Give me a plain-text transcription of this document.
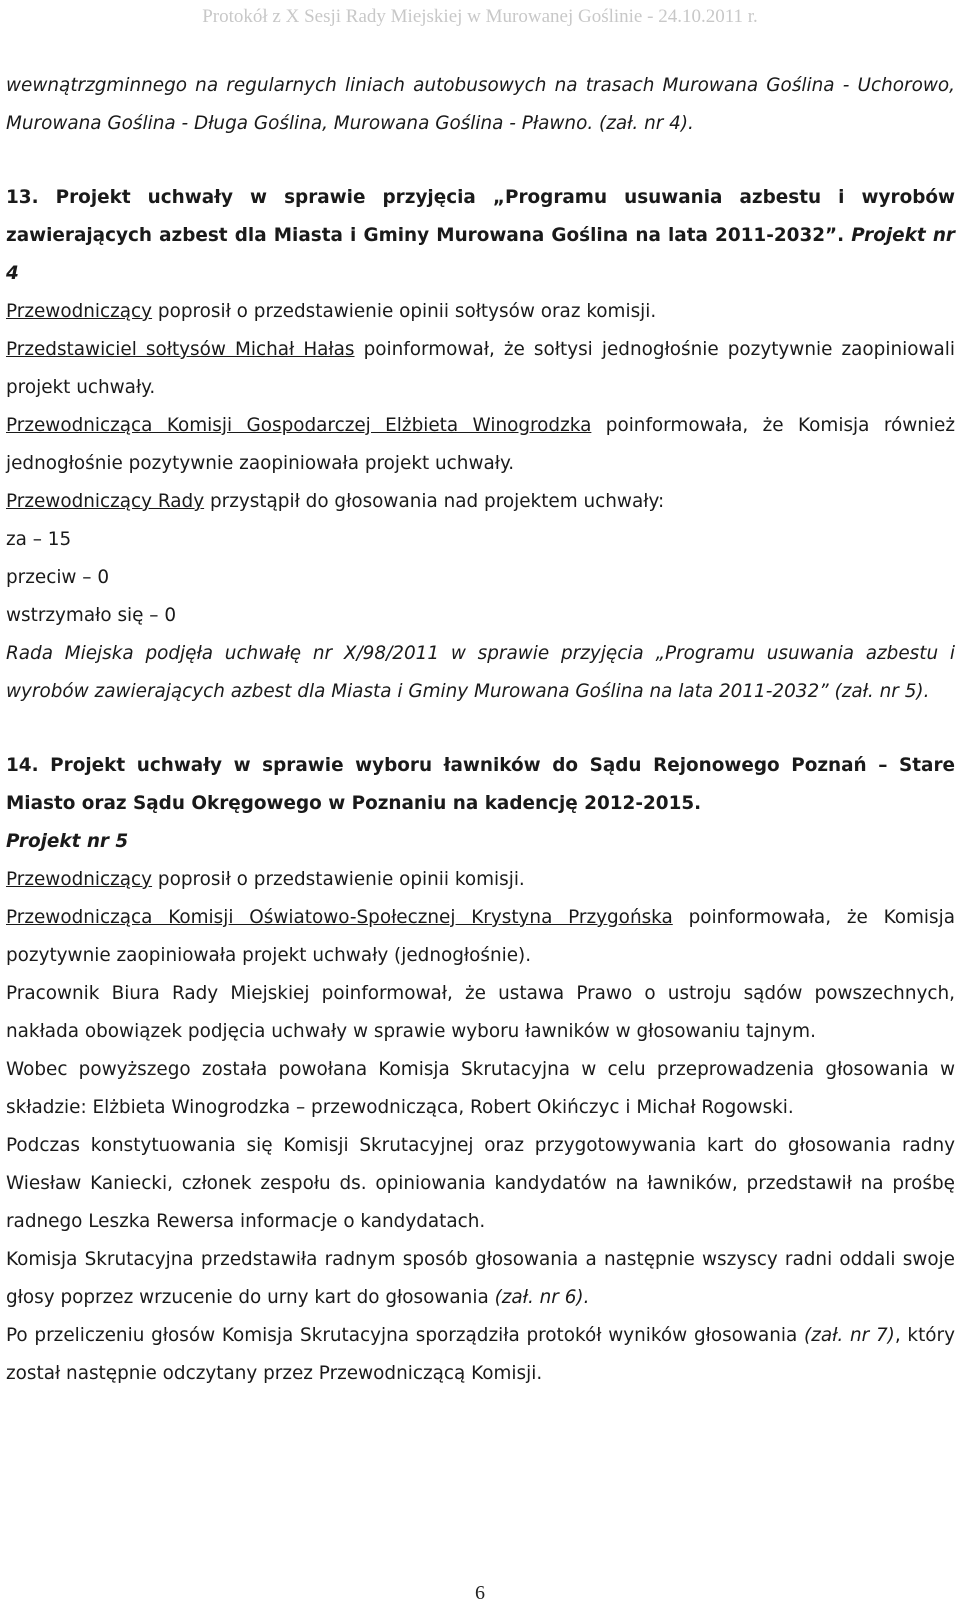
Protokół z X Sesji Rady Miejskiej w Murowanej Goślinie - 24.10.2011 r.

wewnątrzgminnego na regularnych liniach autobusowych na trasach Murowana Goślina - Uchorowo, Murowana Goślina - Długa Goślina, Murowana Goślina - Pławno. (zał. nr 4).

13. Projekt uchwały w sprawie przyjęcia „Programu usuwania azbestu i wyrobów zawierających azbest dla Miasta i Gminy Murowana Goślina na lata 2011-2032”. Projekt nr 4

Przewodniczący poprosił o przedstawienie opinii sołtysów oraz komisji.

Przedstawiciel sołtysów Michał Hałas poinformował, że sołtysi jednogłośnie pozytywnie zaopiniowali projekt uchwały.

Przewodnicząca Komisji Gospodarczej Elżbieta Winogrodzka poinformowała, że Komisja również jednogłośnie pozytywnie zaopiniowała projekt uchwały.

Przewodniczący Rady przystąpił do głosowania nad projektem uchwały:

za – 15

przeciw – 0

wstrzymało się – 0

Rada Miejska podjęła uchwałę nr X/98/2011 w sprawie przyjęcia „Programu usuwania azbestu i wyrobów zawierających azbest dla Miasta i Gminy Murowana Goślina na lata 2011-2032” (zał. nr 5).

14. Projekt uchwały w sprawie wyboru ławników do Sądu Rejonowego Poznań – Stare Miasto oraz Sądu Okręgowego w Poznaniu na kadencję 2012-2015.

Projekt nr 5

Przewodniczący poprosił o przedstawienie opinii komisji.

Przewodnicząca Komisji Oświatowo-Społecznej Krystyna Przygońska poinformowała, że Komisja pozytywnie zaopiniowała projekt uchwały (jednogłośnie).

Pracownik Biura Rady Miejskiej poinformował, że ustawa Prawo o ustroju sądów powszechnych, nakłada obowiązek podjęcia uchwały w sprawie wyboru ławników w głosowaniu tajnym.

Wobec powyższego została powołana Komisja Skrutacyjna w celu przeprowadzenia głosowania w składzie: Elżbieta Winogrodzka – przewodnicząca, Robert Okińczyc i Michał Rogowski.

Podczas konstytuowania się Komisji Skrutacyjnej oraz przygotowywania kart do głosowania radny Wiesław Kaniecki, członek zespołu ds. opiniowania kandydatów na ławników, przedstawił na prośbę radnego Leszka Rewersa informacje o kandydatach.

Komisja Skrutacyjna przedstawiła radnym sposób głosowania a następnie wszyscy radni oddali swoje głosy poprzez wrzucenie do urny kart do głosowania (zał. nr 6).

Po przeliczeniu głosów Komisja Skrutacyjna sporządziła protokół wyników głosowania (zał. nr 7), który został następnie odczytany przez Przewodniczącą Komisji.

6
